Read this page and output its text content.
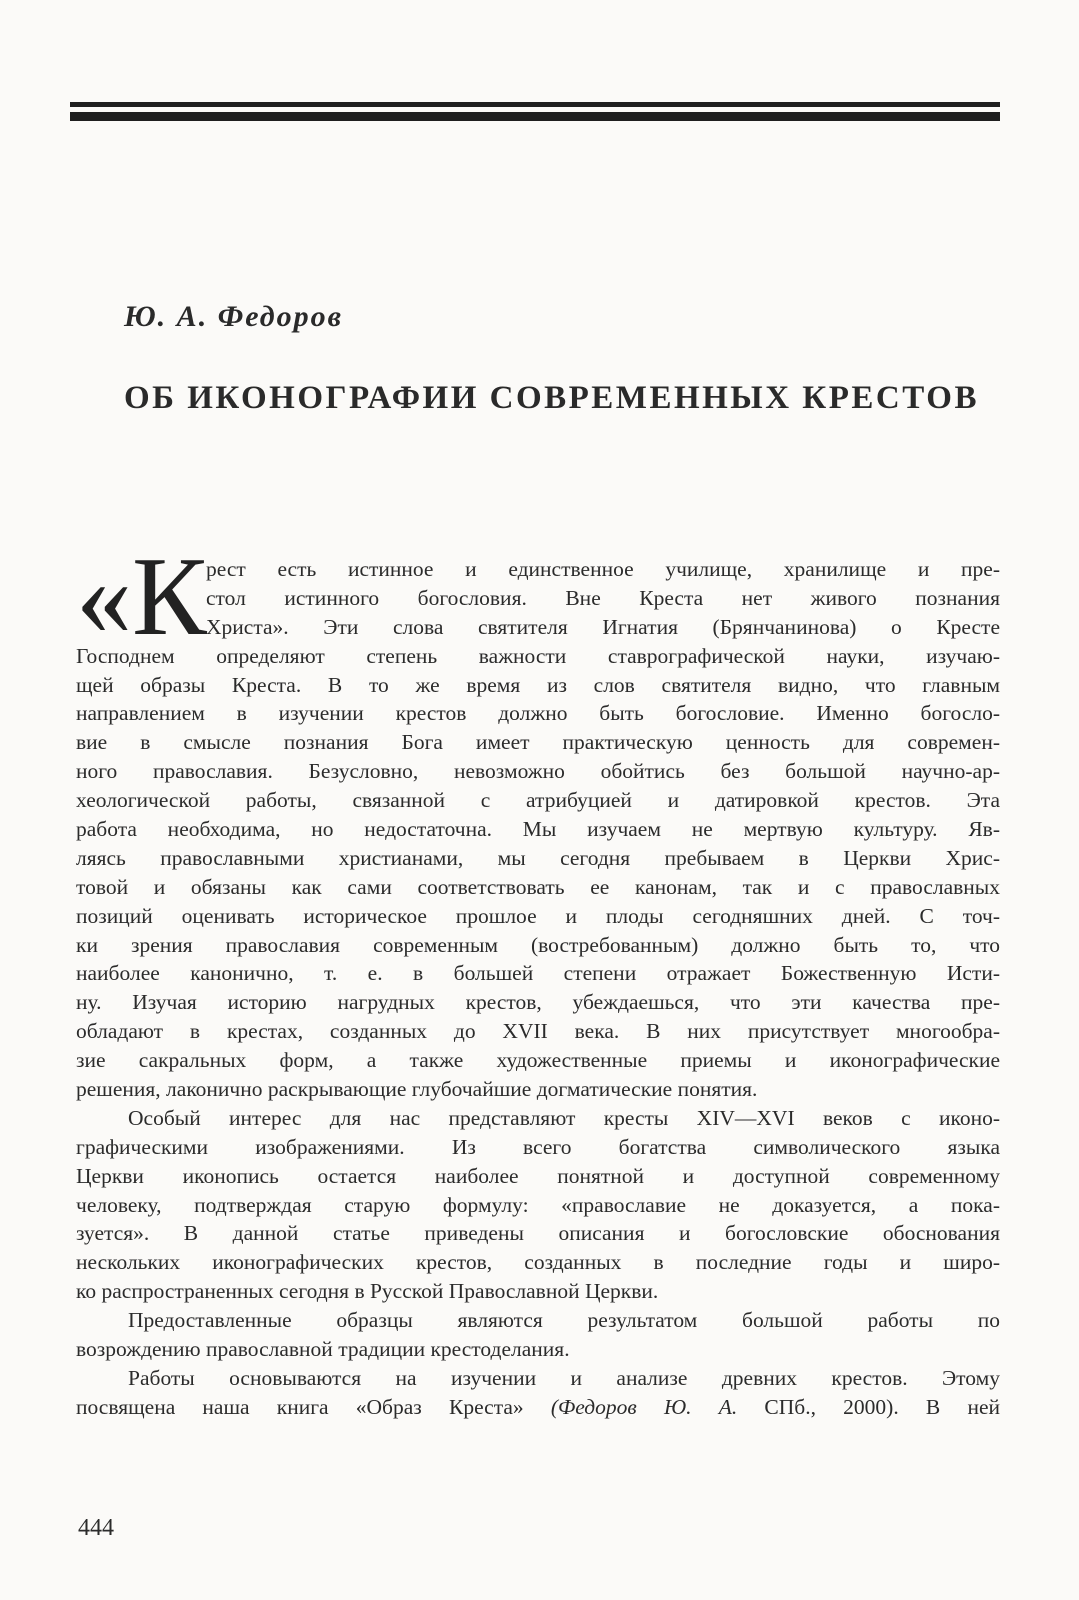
Ю. А. Федоров
ОБ ИКОНОГРАФИИ СОВРЕМЕННЫХ КРЕСТОВ
«К рест есть истинное и единственное училище, хранилище и пре-
стол истинного богословия. Вне Креста нет живого познания
Христа». Эти слова святителя Игнатия (Брянчанинова) о Кресте
Господнем определяют степень важности ставрографической науки, изучаю-
щей образы Креста. В то же время из слов святителя видно, что главным
направлением в изучении крестов должно быть богословие. Именно богосло-
вие в смысле познания Бога имеет практическую ценность для современ-
ного православия. Безусловно, невозможно обойтись без большой научно-ар-
хеологической работы, связанной с атрибуцией и датировкой крестов. Эта
работа необходима, но недостаточна. Мы изучаем не мертвую культуру. Яв-
ляясь православными христианами, мы сегодня пребываем в Церкви Хрис-
товой и обязаны как сами соответствовать ее канонам, так и с православных
позиций оценивать историческое прошлое и плоды сегодняшних дней. С точ-
ки зрения православия современным (востребованным) должно быть то, что
наиболее канонично, т. е. в большей степени отражает Божественную Исти-
ну. Изучая историю нагрудных крестов, убеждаешься, что эти качества пре-
обладают в крестах, созданных до XVII века. В них присутствует многообра-
зие сакральных форм, а также художественные приемы и иконографические
решения, лаконично раскрывающие глубочайшие догматические понятия.
Особый интерес для нас представляют кресты XIV—XVI веков с иконо-
графическими изображениями. Из всего богатства символического языка
Церкви иконопись остается наиболее понятной и доступной современному
человеку, подтверждая старую формулу: «православие не доказуется, а пока-
зуется». В данной статье приведены описания и богословские обоснования
нескольких иконографических крестов, созданных в последние годы и широ-
ко распространенных сегодня в Русской Православной Церкви.
Предоставленные образцы являются результатом большой работы по
возрождению православной традиции крестоделания.
Работы основываются на изучении и анализе древних крестов. Этому
посвящена наша книга «Образ Креста» (Федоров Ю. А. СПб., 2000). В ней
444
